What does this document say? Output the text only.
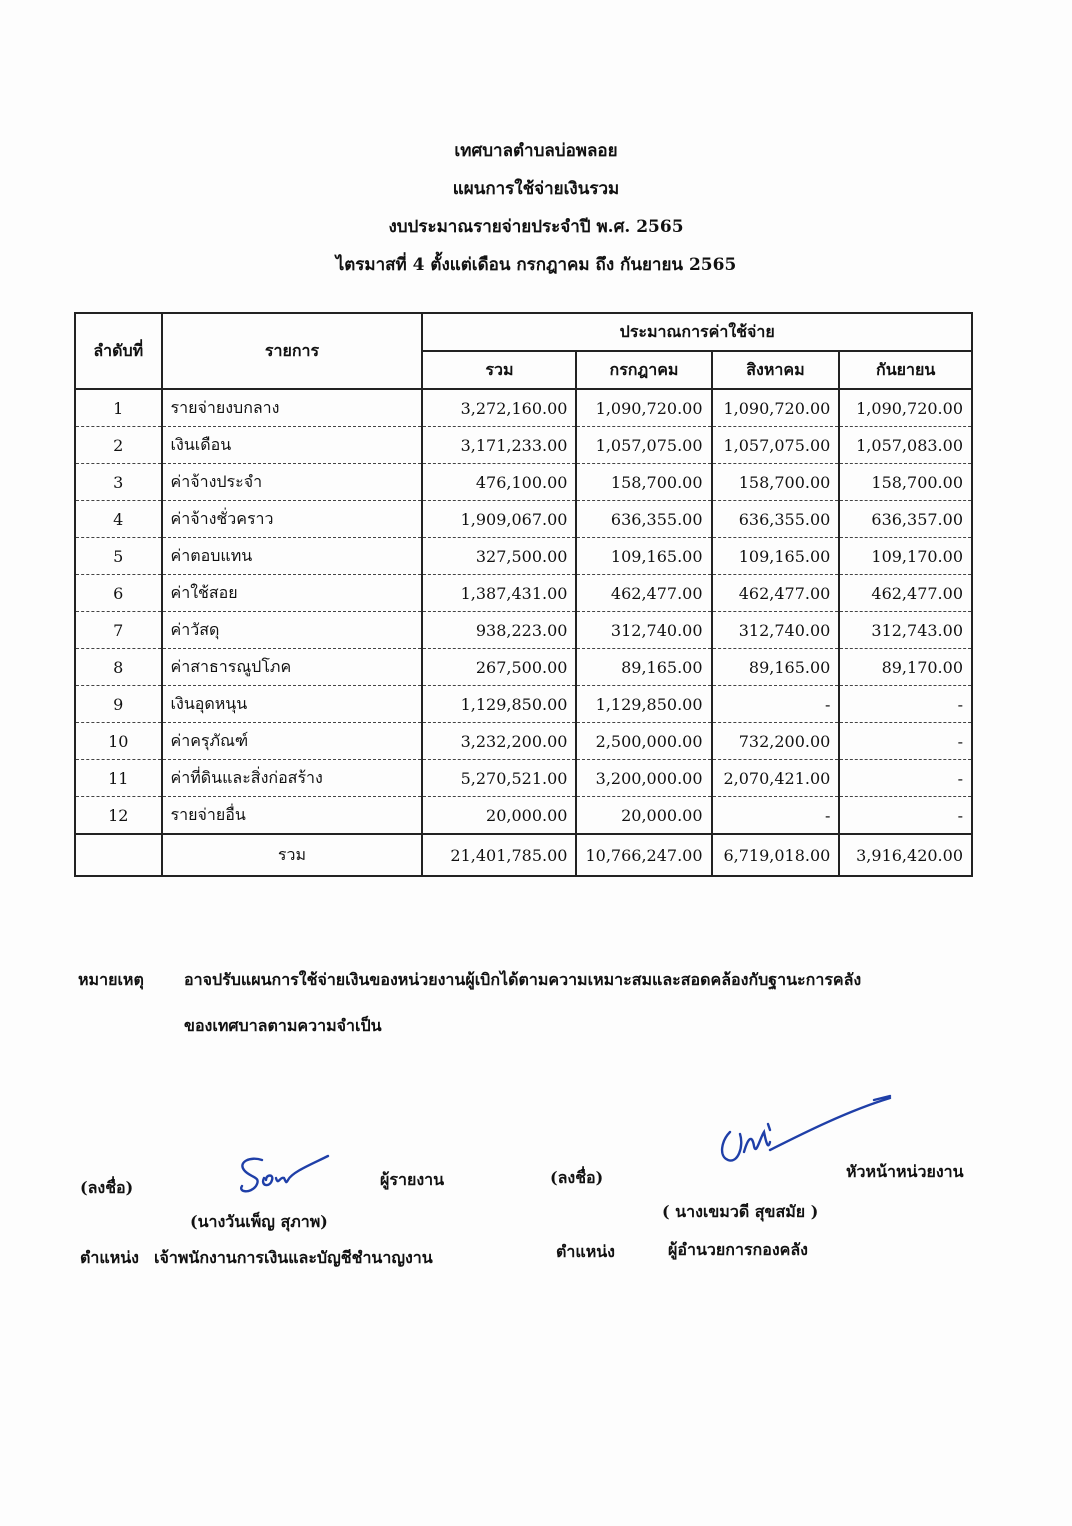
เทศบาลตำบลบ่อพลอย
แผนการใช้จ่ายเงินรวม
งบประมาณรายจ่ายประจำปี พ.ศ. 2565
ไตรมาสที่ 4 ตั้งแต่เดือน กรกฎาคม ถึง กันยายน 2565
ลำดับที่	รายการ	ประมาณการค่าใช้จ่าย			
		รวม	กรกฎาคม	สิงหาคม	กันยายน
1	รายจ่ายงบกลาง	3,272,160.00	1,090,720.00	1,090,720.00	1,090,720.00
2	เงินเดือน	3,171,233.00	1,057,075.00	1,057,075.00	1,057,083.00
3	ค่าจ้างประจำ	476,100.00	158,700.00	158,700.00	158,700.00
4	ค่าจ้างชั่วคราว	1,909,067.00	636,355.00	636,355.00	636,357.00
5	ค่าตอบแทน	327,500.00	109,165.00	109,165.00	109,170.00
6	ค่าใช้สอย	1,387,431.00	462,477.00	462,477.00	462,477.00
7	ค่าวัสดุ	938,223.00	312,740.00	312,740.00	312,743.00
8	ค่าสาธารณูปโภค	267,500.00	89,165.00	89,165.00	89,170.00
9	เงินอุดหนุน	1,129,850.00	1,129,850.00	-	-
10	ค่าครุภัณฑ์	3,232,200.00	2,500,000.00	732,200.00	-
11	ค่าที่ดินและสิ่งก่อสร้าง	5,270,521.00	3,200,000.00	2,070,421.00	-
12	รายจ่ายอื่น	20,000.00	20,000.00	-	-
	รวม	21,401,785.00	10,766,247.00	6,719,018.00	3,916,420.00
หมายเหตุ	อาจปรับแผนการใช้จ่ายเงินของหน่วยงานผู้เบิกได้ตามความเหมาะสมและสอดคล้องกับฐานะการคลัง
ของเทศบาลตามความจำเป็น
(ลงชื่อ)	ผู้รายงาน
(นางวันเพ็ญ สุภาพ)
ตำแหน่ง เจ้าพนักงานการเงินและบัญชีชำนาญงาน
(ลงชื่อ)	หัวหน้าหน่วยงาน
( นางเขมวดี สุขสมัย )
ตำแหน่ง	ผู้อำนวยการกองคลัง
